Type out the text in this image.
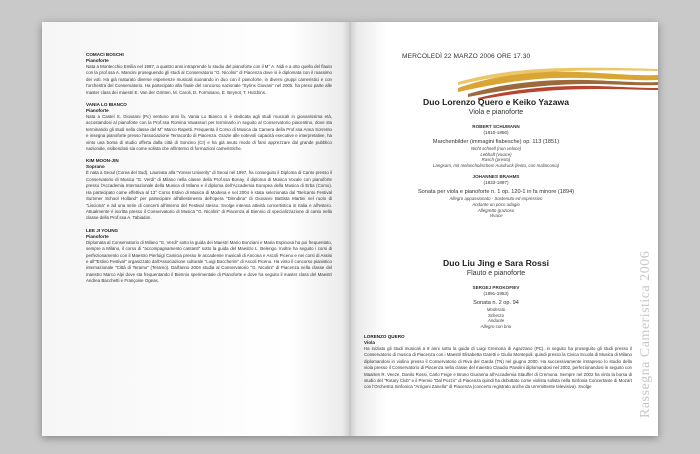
COMACI BOSCHI
Pianoforte
Nata a Montecchio Emilia nel 1987, a quattro anni intraprende lo studio del pianoforte con il M° A. Nidi e a otto quello del flauto con la prof.ssa A. Mancini proseguendo gli studi al Conservatorio "G. Nicolini" di Piacenza dove si è diplomata con il massimo dei voti. Ha già maturato diverse esperienze musicali suonando in duo con il pianoforte, in diversi gruppi cameristici e con l'orchestra del Conservatorio. Ha partecipato alla finale del concorso nazionale "Syrinx Giovani" nel 2005. ha preso parte alle master class dei maestri E. Van der Grinten, M. Caroli, D. Formisano, E. Beynot, T. Hutchins.
VANIA LO BIANCO
Pianoforte
Nata a Castel S. Giovanni (Pc) ventuno anni fa, Vania Lo Bianco si è dedicata agli studi musicali in giovanissima età, accostandosi al pianoforte con la Prof.ssa Romina Vavassori per terminarlo in seguito al Conservatorio piacentino, dove sta terminando gli studi nella classe del M° Marco Rapetti. Frequenta il Corso di Musica da Camera della Prof.ssa Anna Sorrento e insegna pianoforte presso l'associazione Terracordo di Piacenza. Grazie alle notevoli capacità esecutive e interpretative, ha vinto una borsa di studio offerta dalla città di Soncino (Cr) e ha già avuto modo di farsi apprezzare dal grande pubblico nazionale, esibendosi sia come solista che all'interno di formazioni cameristiche.
KIM MOON-JIN
Soprano
È nata a Seoul (Corea del Sud). Laureata alla "Yonsei Univerity" di Seoul nel 1997, ha conseguito il Diploma di Canto presso il Conservatorio di Musica "G. Verdi" di Milano nella classe della Prof.ssa Bonay, il diploma di Musica Vocale con pianoforte presso l'Accademia Internazionale della Musica di Milano e il diploma dell'Accademia Europea della Musica di Erba (Como). Ha partecipato come effettiva al 13° Corso Estivo di Musica di Modena e nel 2004 è stata selezionata dal "Belcanto Festival Summer School Holland" per partecipare all'allestimento dell'opera "Dinndina" di Giovanni Battista Martini nel ruolo di "Lisciona" e ad una serie di concerti all'interno del Festival stesso. Svolge intensa attività concertistica in Italia e all'estero. Attualmente è iscritta presso il Conservatorio di Musica "G. Nicolini" di Piacenza al Biennio di specializzazione di canto nella classe della Prof.ssa A. Tabiadon.
LEE JI YOUNG
Pianoforte
Diplomata al Conservatorio di Milano "G. Verdi" sotto la guida dei Maestri Mario Bonziani e Maria Espinosa ha poi frequentato, sempre a Milano, il corso di "accompagnamento cantanti" sotto la guida del Maestro L. Belengo. Inoltre ha seguito i corsi di perfezionamento con il Maestro Pierluigi Camicia presso le accademie musicali di Ancona e Ascoli Piceno e nei corsi di Assisi e all'"Estivo Festival" organizzato dall'Associazione culturale "Luigi Boccherini" di Ascoli Piceno. Ha vinto il concorso pianistico internazionale "Città di Teramo" (Teramo). Dall'anno 2004 studia al Conservatorio "G. Nicolini" di Piacenza nella classe del maestro Marco Alpi dove sta frequentando il Biennio sperimentale di Pianoforte e dove ha seguito il master class del Maestri Andrea Bacchetti e Françoise Ogeas.
MERCOLEDÌ 22 MARZO 2006 ORE 17.30
Duo Lorenzo Quero e Keiko Yazawa
Viola e pianoforte
ROBERT SCHUMANN
(1810-1856)
Marchenbilder (immagini fiabesche) op. 113 (1851)
Nicht schnell (non veloce)
Lebhaft (vivace)
Rasch (presto)
Langsam, mit melancholischem Ausdruck (lento, con malinconia)
JOHANNES BRAHMS
(1833-1897)
Sonata per viola e pianoforte n. 1 op. 120-1 in fa minore (1894)
Allegro appassionato - Sostenuto ed espressivo
Andante un poco adagio
Allegretto grazioso
Vivace
Duo Liu Jing e Sara Rossi
Flauto e pianoforte
SERGEJ PROKOFIEV
(1891-1953)
Sonata n. 2 op. 94
Moderato
Scherzo
Andante
Allegro con brio
LORENZO QUERO
Viola
Ha iniziato gli studi musicali a 8 anni sotto la guida di Luigi Cremona di Agazzano (PC), in seguito ha proseguito gli studi presso il Conservatorio di musica di Piacenza con i Maestri Elisabetta Garetti e Giulio Montepoli, quindi presso la Civica Scuola di Musica di Milano diplomandosi in violino presso il Conservatorio di Riva del Garda (TN) nel giugno 2000. Ha successivamente intrapreso lo studio della viola presso il Conservatorio di Piacenza nella classe del maestro Claudio Pavolini diplomandosi nel 2002, perfezionandosi in seguito con Maarten R. Veeze, Danilo Rossi, Carlo Feige e Bruno Giuranna all'Accademia Stauffer di Cremona. Sempre nel 2002 ha vinto la borsa di studio del "Rotary Club" e il Premio "Dal Pozzo" di Piacenza quindi ha debuttato come violista solista nella Sinfonia Concertante di Mozart con l'Orchestra Sinfonica "Arrigoni Zanella" di Piacenza (concerto registrato anche da un'emittente televisiva). Svolge	Rassegna Cameristica 2006
